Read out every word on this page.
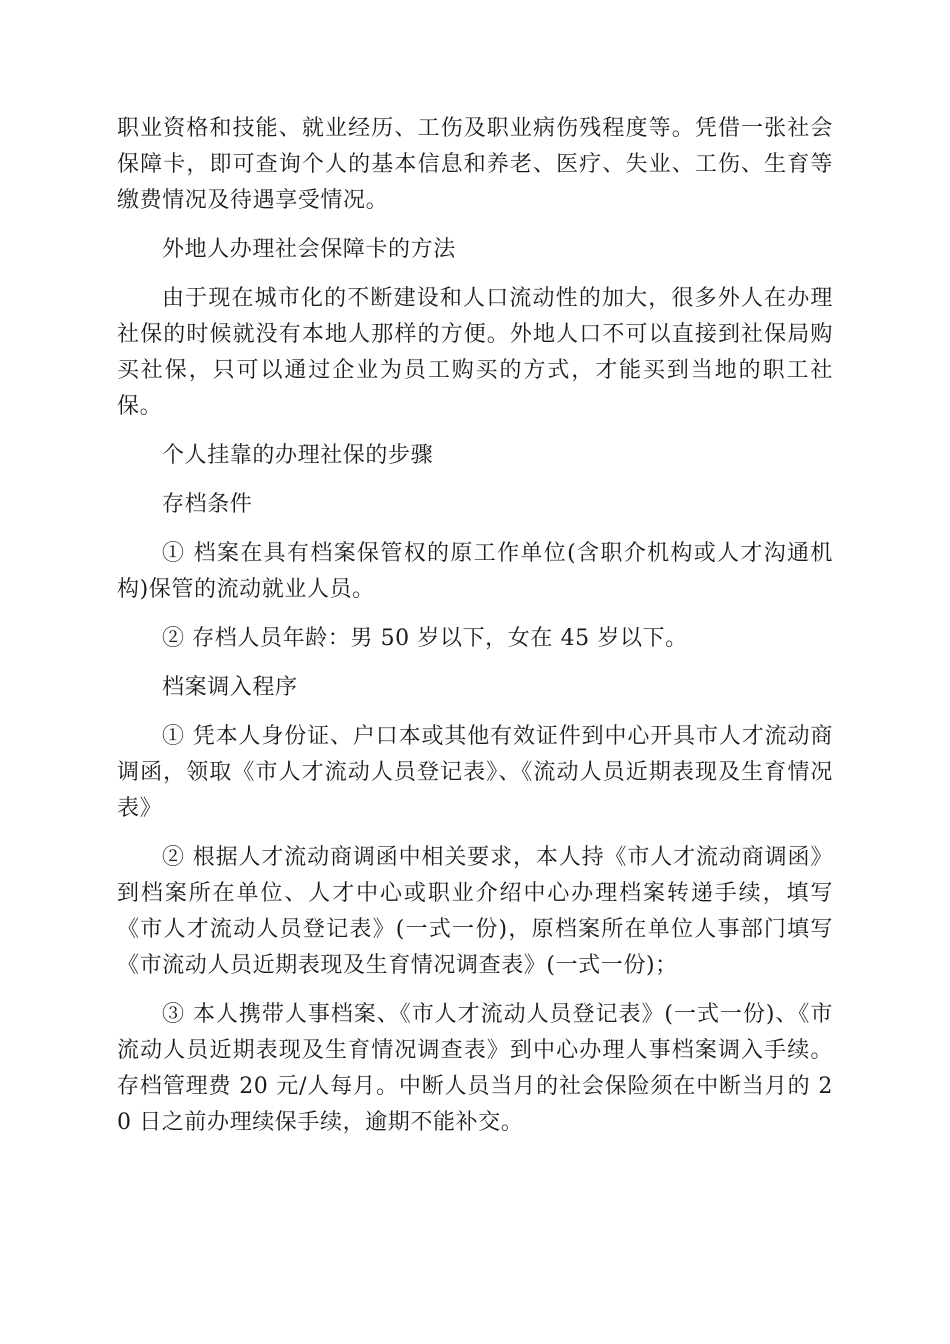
职业资格和技能、就业经历、工伤及职业病伤残程度等。凭借一张社会保障卡，即可查询个人的基本信息和养老、医疗、失业、工伤、生育等缴费情况及待遇享受情况。

外地人办理社会保障卡的方法

由于现在城市化的不断建设和人口流动性的加大，很多外人在办理社保的时候就没有本地人那样的方便。外地人口不可以直接到社保局购买社保，只可以通过企业为员工购买的方式，才能买到当地的职工社保。

个人挂靠的办理社保的步骤

存档条件

① 档案在具有档案保管权的原工作单位(含职介机构或人才沟通机构)保管的流动就业人员。

② 存档人员年龄：男 50 岁以下，女在 45 岁以下。

档案调入程序

① 凭本人身份证、户口本或其他有效证件到中心开具市人才流动商调函，领取《市人才流动人员登记表》、《流动人员近期表现及生育情况表》

② 根据人才流动商调函中相关要求，本人持《市人才流动商调函》到档案所在单位、人才中心或职业介绍中心办理档案转递手续，填写《市人才流动人员登记表》(一式一份)，原档案所在单位人事部门填写《市流动人员近期表现及生育情况调查表》(一式一份)；

③ 本人携带人事档案、《市人才流动人员登记表》(一式一份)、《市流动人员近期表现及生育情况调查表》到中心办理人事档案调入手续。存档管理费 20 元/人每月。中断人员当月的社会保险须在中断当月的 20 日之前办理续保手续，逾期不能补交。
